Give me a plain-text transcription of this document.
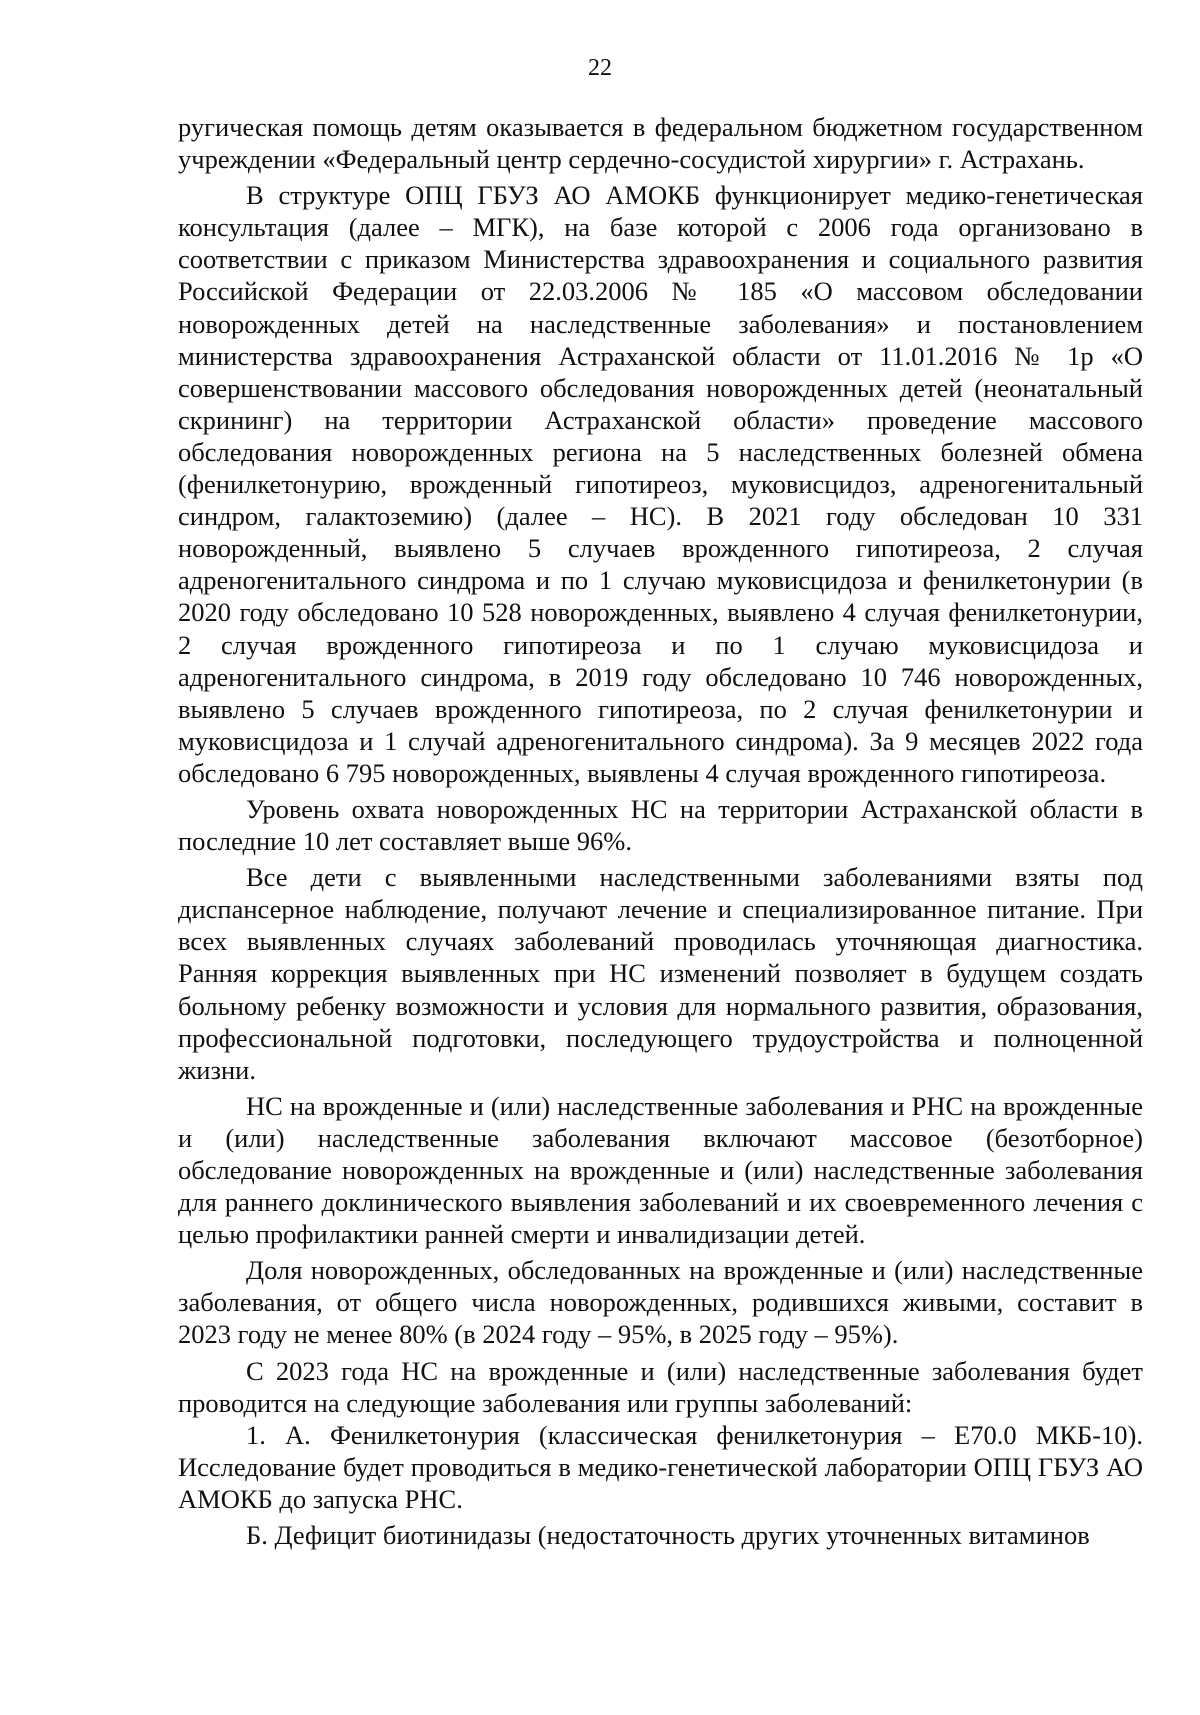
22

ругическая помощь детям оказывается в федеральном бюджетном государственном учреждении «Федеральный центр сердечно-сосудистой хирургии» г. Астрахань.

В структуре ОПЦ ГБУЗ АО АМОКБ функционирует медико-генетическая консультация (далее – МГК), на базе которой с 2006 года организовано в соответствии с приказом Министерства здравоохранения и социального развития Российской Федерации от 22.03.2006 № 185 «О массовом обследовании новорожденных детей на наследственные заболевания» и постановлением министерства здравоохранения Астраханской области от 11.01.2016 № 1р «О совершенствовании массового обследования новорожденных детей (неонатальный скрининг) на территории Астраханской области» проведение массового обследования новорожденных региона на 5 наследственных болезней обмена (фенилкетонурию, врожденный гипотиреоз, муковисцидоз, адреногенитальный синдром, галактоземию) (далее – НС). В 2021 году обследован 10 331 новорожденный, выявлено 5 случаев врожденного гипотиреоза, 2 случая адреногенитального синдрома и по 1 случаю муковисцидоза и фенилкетонурии (в 2020 году обследовано 10 528 новорожденных, выявлено 4 случая фенилкетонурии, 2 случая врожденного гипотиреоза и по 1 случаю муковисцидоза и адреногенитального синдрома, в 2019 году обследовано 10 746 новорожденных, выявлено 5 случаев врожденного гипотиреоза, по 2 случая фенилкетонурии и муковисцидоза и 1 случай адреногенитального синдрома). За 9 месяцев 2022 года обследовано 6 795 новорожденных, выявлены 4 случая врожденного гипотиреоза.

Уровень охвата новорожденных НС на территории Астраханской области в последние 10 лет составляет выше 96%.

Все дети с выявленными наследственными заболеваниями взяты под диспансерное наблюдение, получают лечение и специализированное питание. При всех выявленных случаях заболеваний проводилась уточняющая диагностика. Ранняя коррекция выявленных при НС изменений позволяет в будущем создать больному ребенку возможности и условия для нормального развития, образования, профессиональной подготовки, последующего трудоустройства и полноценной жизни.

НС на врожденные и (или) наследственные заболевания и РНС на врожденные и (или) наследственные заболевания включают массовое (безотборное) обследование новорожденных на врожденные и (или) наследственные заболевания для раннего доклинического выявления заболеваний и их своевременного лечения с целью профилактики ранней смерти и инвалидизации детей.

Доля новорожденных, обследованных на врожденные и (или) наследственные заболевания, от общего числа новорожденных, родившихся живыми, составит в 2023 году не менее 80% (в 2024 году – 95%, в 2025 году – 95%).

С 2023 года НС на врожденные и (или) наследственные заболевания будет проводится на следующие заболевания или группы заболеваний:

1. А. Фенилкетонурия (классическая фенилкетонурия – Е70.0 МКБ-10). Исследование будет проводиться в медико-генетической лаборатории ОПЦ ГБУЗ АО АМОКБ до запуска РНС.

Б. Дефицит биотинидазы (недостаточность других уточненных витаминов
